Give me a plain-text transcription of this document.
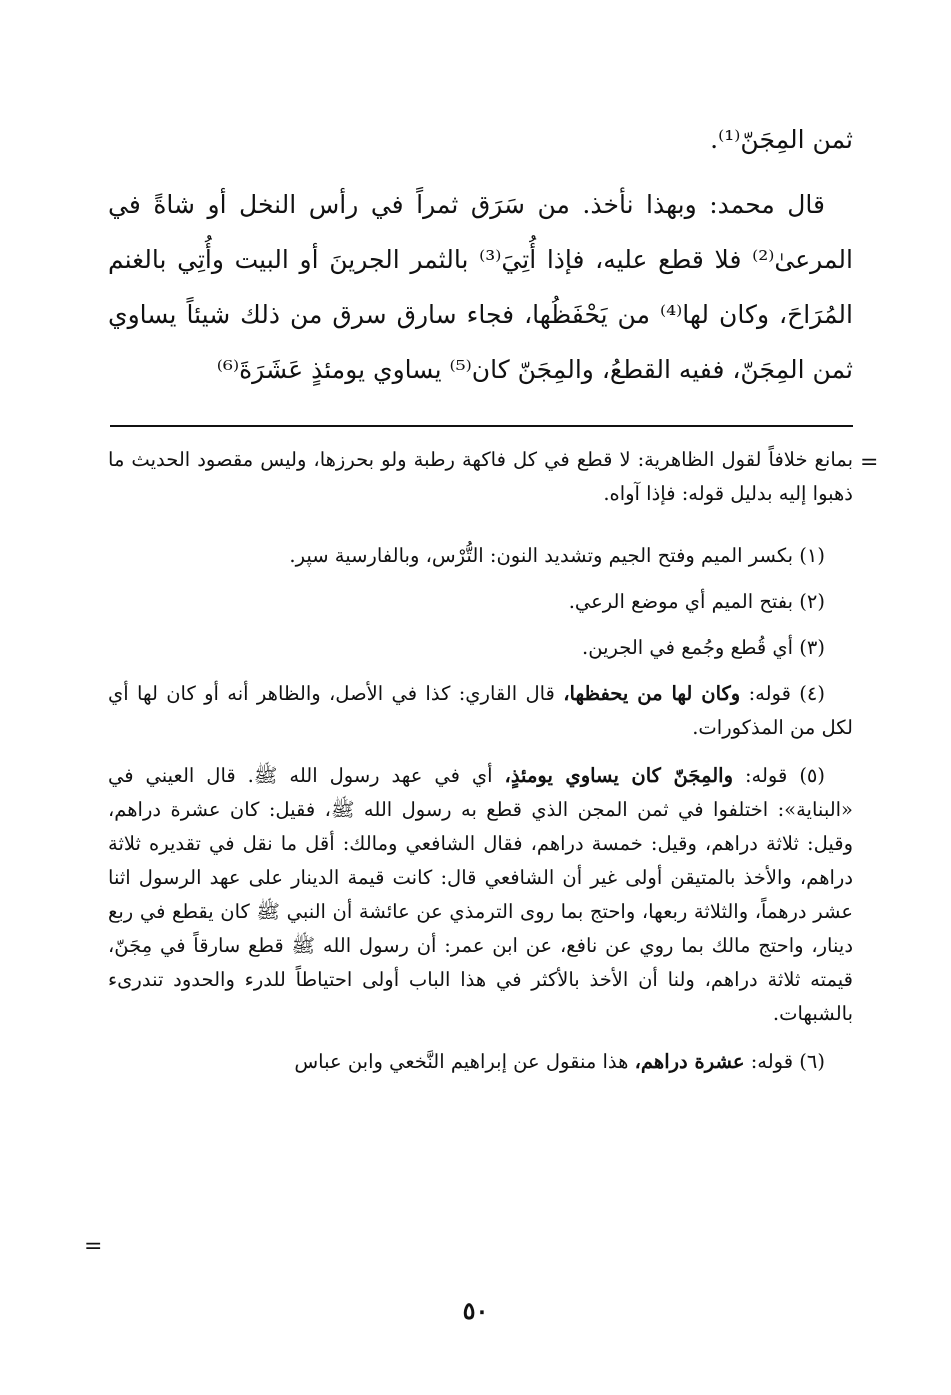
ثمن المِجَنّ⁽¹⁾.

قال محمد: وبهذا نأخذ. من سَرَق ثمراً في رأس النخل أو شاةً في المرعىٰ⁽²⁾ فلا قطع عليه، فإذا أُتِيَ⁽³⁾ بالثمر الجرينَ أو البيت وأُتِي بالغنم المُرَاحَ، وكان لها⁽⁴⁾ من يَحْفَظُها، فجاء سارق سرق من ذلك شيئاً يساوي ثمن المِجَنّ، ففيه القطعُ، والمِجَنّ كان⁽⁵⁾ يساوي يومئذٍ عَشَرَةَ⁽⁶⁾

=

بمانع خلافاً لقول الظاهرية: لا قطع في كل فاكهة رطبة ولو بحرزها، وليس مقصود الحديث ما ذهبوا إليه بدليل قوله: فإذا آواه.

(١) بكسر الميم وفتح الجيم وتشديد النون: التُّرْس، وبالفارسية سپر.

(٢) بفتح الميم أي موضع الرعي.

(٣) أي قُطع وجُمع في الجرين.

(٤) قوله: وكان لها من يحفظها، قال القاري: كذا في الأصل، والظاهر أنه أو كان لها أي لكل من المذكورات.

(٥) قوله: والمِجَنّ كان يساوي يومئذٍ، أي في عهد رسول الله ﷺ. قال العيني في «البناية»: اختلفوا في ثمن المجن الذي قطع به رسول الله ﷺ، فقيل: كان عشرة دراهم، وقيل: ثلاثة دراهم، وقيل: خمسة دراهم، فقال الشافعي ومالك: أقل ما نقل في تقديره ثلاثة دراهم، والأخذ بالمتيقن أولى غير أن الشافعي قال: كانت قيمة الدينار على عهد الرسول اثنا عشر درهماً، والثلاثة ربعها، واحتج بما روى الترمذي عن عائشة أن النبي ﷺ كان يقطع في ربع دينار، واحتج مالك بما روي عن نافع، عن ابن عمر: أن رسول الله ﷺ قطع سارقاً في مِجَنّ، قيمته ثلاثة دراهم، ولنا أن الأخذ بالأكثر في هذا الباب أولى احتياطاً للدرء والحدود تندرىء بالشبهات.

(٦) قوله: عشرة دراهم، هذا منقول عن إبراهيم النَّخعي وابن عباس

=
٥٠
